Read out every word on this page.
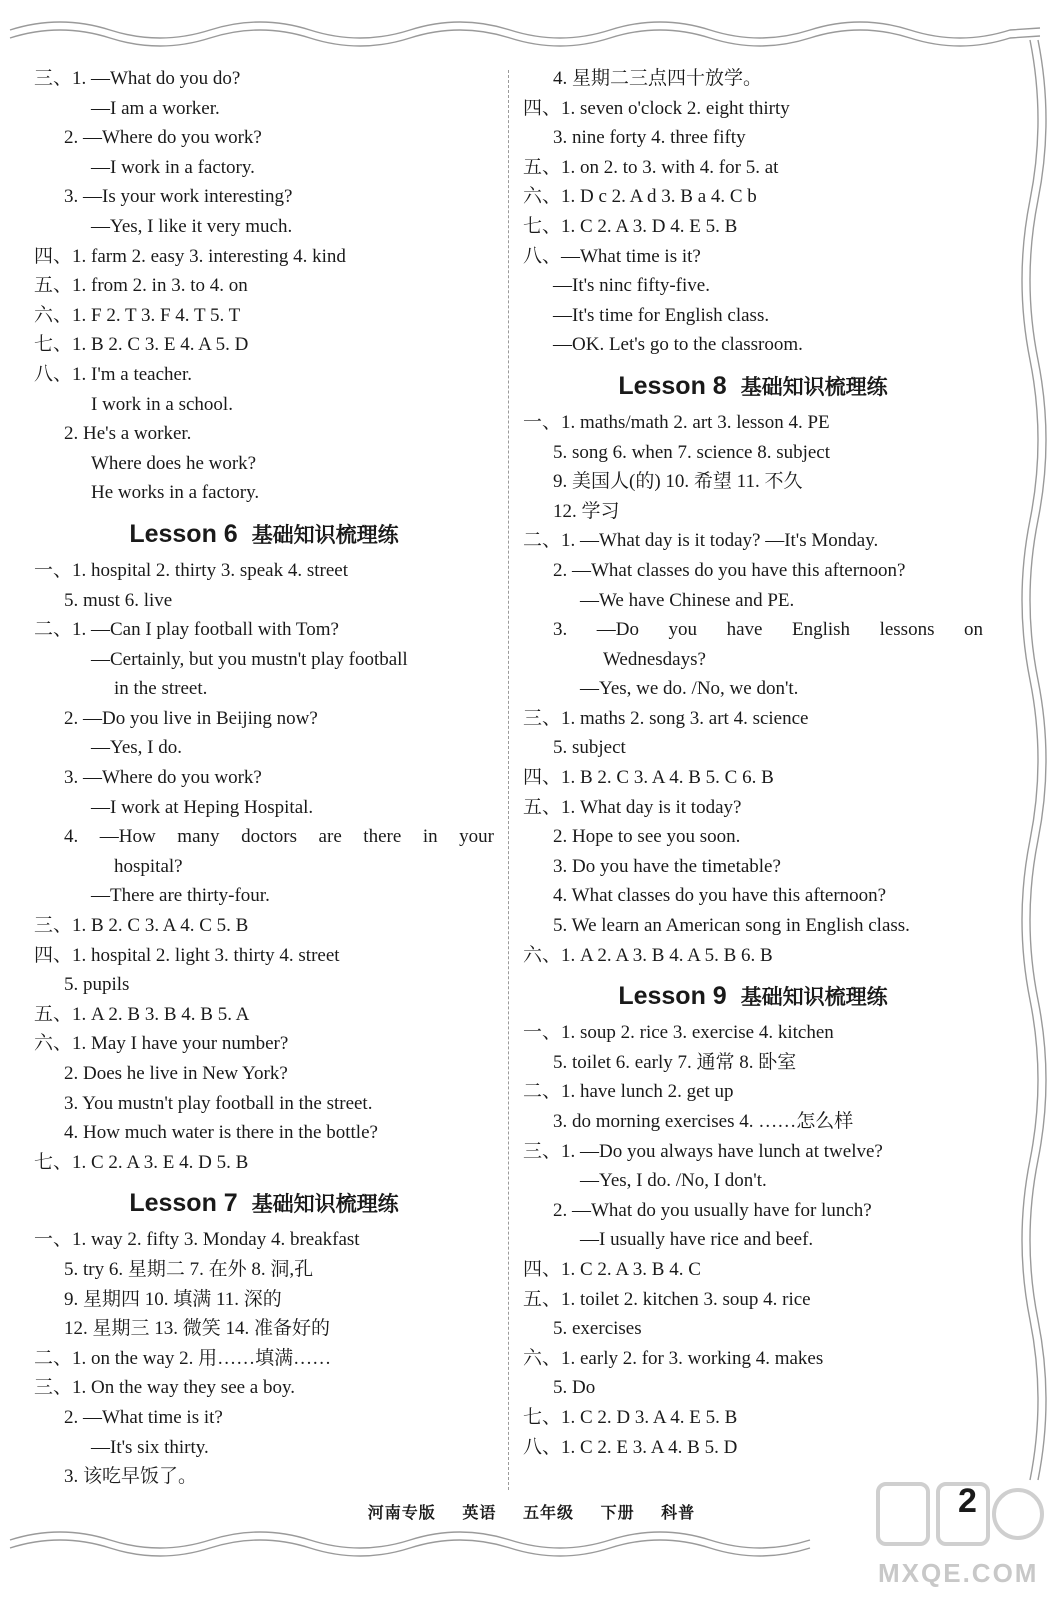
三、1. —What do you do?
—I am a worker.
2. —Where do you work?
—I work in a factory.
3. —Is your work interesting?
—Yes, I like it very much.
四、1. farm 2. easy 3. interesting 4. kind
五、1. from 2. in 3. to 4. on
六、1. F 2. T 3. F 4. T 5. T
七、1. B 2. C 3. E 4. A 5. D
八、1. I'm a teacher.
I work in a school.
2. He's a worker.
Where does he work?
He works in a factory.
Lesson 6 基础知识梳理练
一、1. hospital 2. thirty 3. speak 4. street
5. must 6. live
二、1. —Can I play football with Tom?
—Certainly, but you mustn't play football
in the street.
2. —Do you live in Beijing now?
—Yes, I do.
3. —Where do you work?
—I work at Heping Hospital.
4. —How many doctors are there in your
hospital?
—There are thirty-four.
三、1. B 2. C 3. A 4. C 5. B
四、1. hospital 2. light 3. thirty 4. street
5. pupils
五、1. A 2. B 3. B 4. B 5. A
六、1. May I have your number?
2. Does he live in New York?
3. You mustn't play football in the street.
4. How much water is there in the bottle?
七、1. C 2. A 3. E 4. D 5. B
Lesson 7 基础知识梳理练
一、1. way 2. fifty 3. Monday 4. breakfast
5. try 6. 星期二 7. 在外 8. 洞,孔
9. 星期四 10. 填满 11. 深的
12. 星期三 13. 微笑 14. 准备好的
二、1. on the way 2. 用……填满……
三、1. On the way they see a boy.
2. —What time is it?
—It's six thirty.
3. 该吃早饭了。
4. 星期二三点四十放学。
四、1. seven o'clock 2. eight thirty
3. nine forty 4. three fifty
五、1. on 2. to 3. with 4. for 5. at
六、1. D c 2. A d 3. B a 4. C b
七、1. C 2. A 3. D 4. E 5. B
八、—What time is it?
—It's ninc fifty-five.
—It's time for English class.
—OK. Let's go to the classroom.
Lesson 8 基础知识梳理练
一、1. maths/math 2. art 3. lesson 4. PE
5. song 6. when 7. science 8. subject
9. 美国人(的) 10. 希望 11. 不久
12. 学习
二、1. —What day is it today? —It's Monday.
2. —What classes do you have this afternoon?
—We have Chinese and PE.
3. —Do you have English lessons on
Wednesdays?
—Yes, we do. /No, we don't.
三、1. maths 2. song 3. art 4. science
5. subject
四、1. B 2. C 3. A 4. B 5. C 6. B
五、1. What day is it today?
2. Hope to see you soon.
3. Do you have the timetable?
4. What classes do you have this afternoon?
5. We learn an American song in English class.
六、1. A 2. A 3. B 4. A 5. B 6. B
Lesson 9 基础知识梳理练
一、1. soup 2. rice 3. exercise 4. kitchen
5. toilet 6. early 7. 通常 8. 卧室
二、1. have lunch 2. get up
3. do morning exercises 4. ……怎么样
三、1. —Do you always have lunch at twelve?
—Yes, I do. /No, I don't.
2. —What do you usually have for lunch?
—I usually have rice and beef.
四、1. C 2. A 3. B 4. C
五、1. toilet 2. kitchen 3. soup 4. rice
5. exercises
六、1. early 2. for 3. working 4. makes
5. Do
七、1. C 2. D 3. A 4. E 5. B
八、1. C 2. E 3. A 4. B 5. D
河南专版 英语 五年级 下册 科普
MXQE.COM
2
